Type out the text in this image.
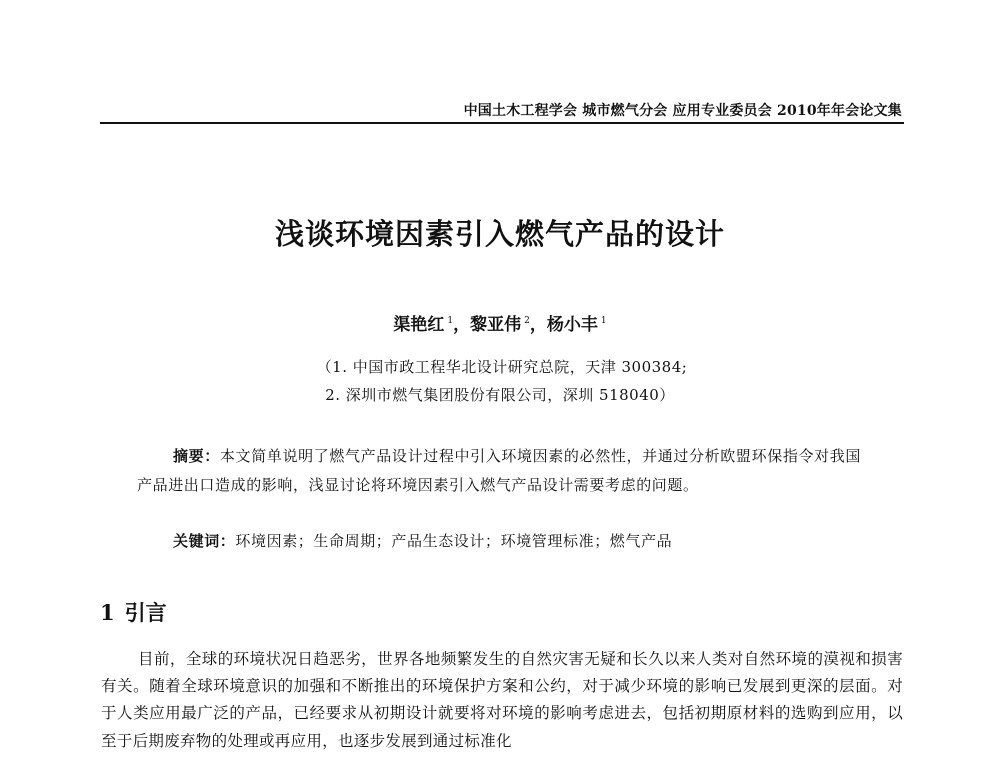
中国土木工程学会 城市燃气分会 应用专业委员会 2010年年会论文集
浅谈环境因素引入燃气产品的设计
渠艳红 $^1$，黎亚伟 $^2$，杨小丰 $^1$
（1. 中国市政工程华北设计研究总院，天津 300384;
2. 深圳市燃气集团股份有限公司，深圳 518040）
摘要：本文简单说明了燃气产品设计过程中引入环境因素的必然性，并通过分析欧盟环保指令对我国产品进出口造成的影响，浅显讨论将环境因素引入燃气产品设计需要考虑的问题。
关键词：环境因素；生命周期；产品生态设计；环境管理标准；燃气产品
1 引言

目前，全球的环境状况日趋恶劣，世界各地频繁发生的自然灾害无疑和长久以来人类对自然环境的漠视和损害有关。随着全球环境意识的加强和不断推出的环境保护方案和公约，对于减少环境的影响已发展到更深的层面。对于人类应用最广泛的产品，已经要求从初期设计就要将对环境的影响考虑进去，包括初期原材料的选购到应用，以至于后期废弃物的处理或再应用，也逐步发展到通过标准化
